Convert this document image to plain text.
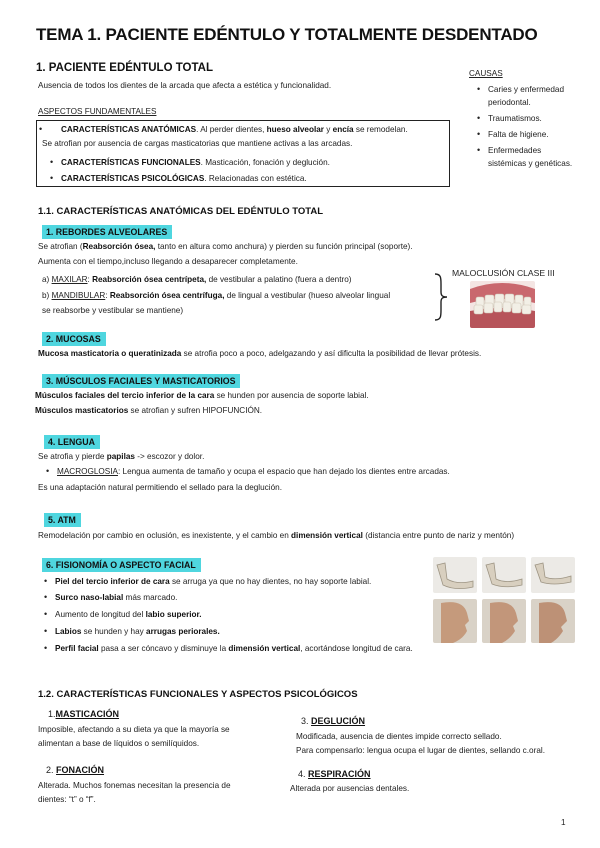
TEMA 1. PACIENTE EDÉNTULO Y TOTALMENTE DESDENTADO
1. PACIENTE EDÉNTULO TOTAL
Ausencia de todos los dientes de la arcada que afecta a estética y funcionalidad.
ASPECTOS FUNDAMENTALES
CARACTERÍSTICAS ANATÓMICAS. Al perder dientes, hueso alveolar y encía se remodelan.
Se atrofian por ausencia de cargas masticatorias que mantiene activas a las arcadas.
CARACTERÍSTICAS FUNCIONALES. Masticación, fonación y deglución.
CARACTERÍSTICAS PSICOLÓGICAS. Relacionadas con estética.
CAUSAS
Caries y enfermedad
periodontal.
Traumatismos.
Falta de higiene.
Enfermedades
sistémicas y genéticas.
1.1. CARACTERÍSTICAS ANATÓMICAS DEL EDÉNTULO TOTAL
1. REBORDES ALVEOLARES
Se atrofian (Reabsorción ósea, tanto en altura como anchura) y pierden su función principal (soporte).
Aumenta con el tiempo,incluso llegando a desaparecer completamente.
a) MAXILAR: Reabsorción ósea centrípeta, de vestibular a palatino (fuera a dentro)
b) MANDIBULAR: Reabsorción ósea centrífuga, de lingual a vestibular (hueso alveolar lingual
se reabsorbe y vestibular se mantiene)
MALOCLUSIÓN CLASE III
2. MUCOSAS
Mucosa masticatoria o queratinizada se atrofia poco a poco, adelgazando y así dificulta la posibilidad de llevar prótesis.
3. MÚSCULOS FACIALES Y MASTICATORIOS
Músculos faciales del tercio inferior de la cara se hunden por ausencia de soporte labial.
Músculos masticatorios se atrofian y sufren HIPOFUNCIÓN.
4. LENGUA
Se atrofia y pierde papilas -> escozor y dolor.
MACROGLOSIA: Lengua aumenta de tamaño y ocupa el espacio que han dejado los dientes entre arcadas.
Es una adaptación natural permitiendo el sellado para la deglución.
5. ATM
Remodelación por cambio en oclusión, es inexistente, y el cambio en dimensión vertical (distancia entre punto de nariz y mentón)
6. FISIONOMÍA O ASPECTO FACIAL
Piel del tercio inferior de cara se arruga ya que no hay dientes, no hay soporte labial.
Surco naso-labial más marcado.
Aumento de longitud del labio superior.
Labios se hunden y hay arrugas periorales.
Perfil facial pasa a ser cóncavo y disminuye la dimensión vertical, acortándose longitud de cara.
1.2. CARACTERÍSTICAS FUNCIONALES Y ASPECTOS PSICOLÓGICOS
1.MASTICACIÓN
Imposible, afectando a su dieta ya que la mayoría se
alimentan a base de líquidos o semilíquidos.
2. FONACIÓN
Alterada. Muchos fonemas necesitan la presencia de
dientes: “t” o “f”.
3. DEGLUCIÓN
Modificada, ausencia de dientes impide correcto sellado.
Para compensarlo: lengua ocupa el lugar de dientes, sellando c.oral.
4. RESPIRACIÓN
Alterada por ausencias dentales.
1
